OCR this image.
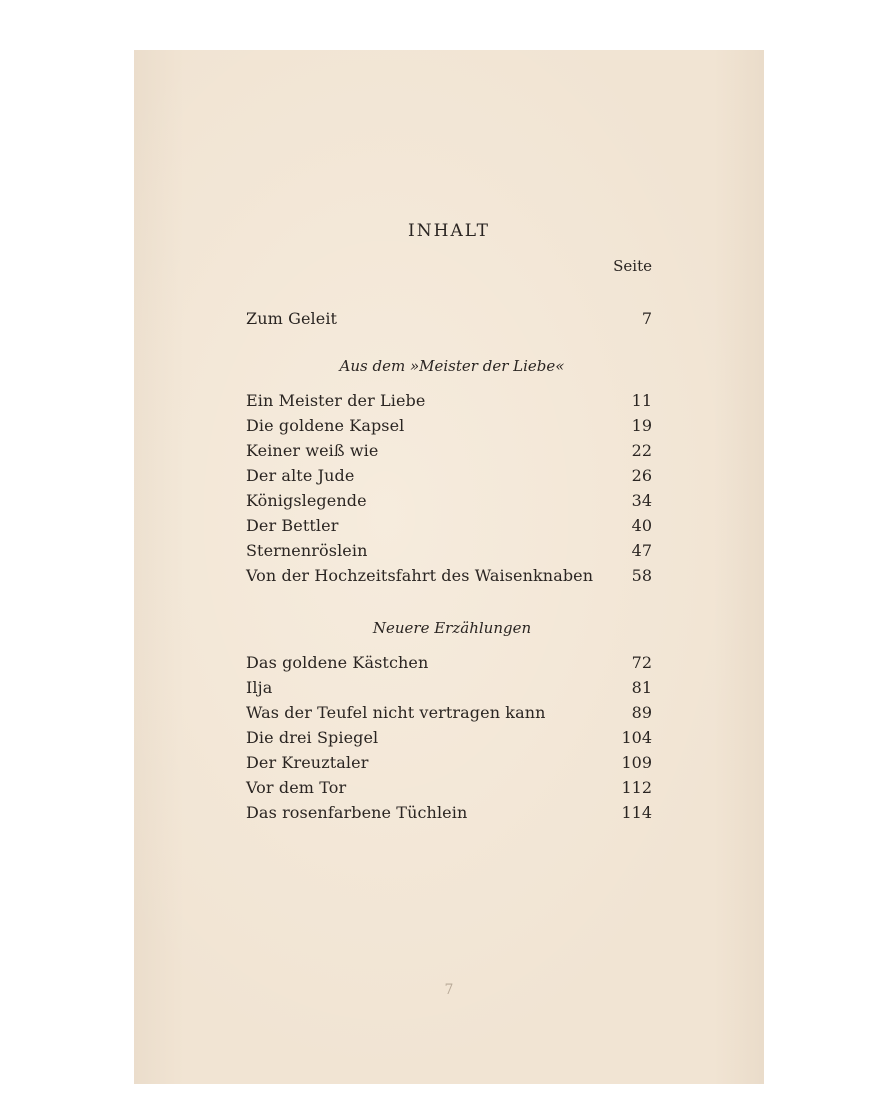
INHALT
Seite
Zum Geleit	7
Aus dem »Meister der Liebe«
Ein Meister der Liebe	11
Die goldene Kapsel	19
Keiner weiß wie	22
Der alte Jude	26
Königslegende	34
Der Bettler	40
Sternenröslein	47
Von der Hochzeitsfahrt des Waisenknaben	58
Neuere Erzählungen
Das goldene Kästchen	72
Ilja	81
Was der Teufel nicht vertragen kann	89
Die drei Spiegel	104
Der Kreuztaler	109
Vor dem Tor	112
Das rosenfarbene Tüchlein	114
7
